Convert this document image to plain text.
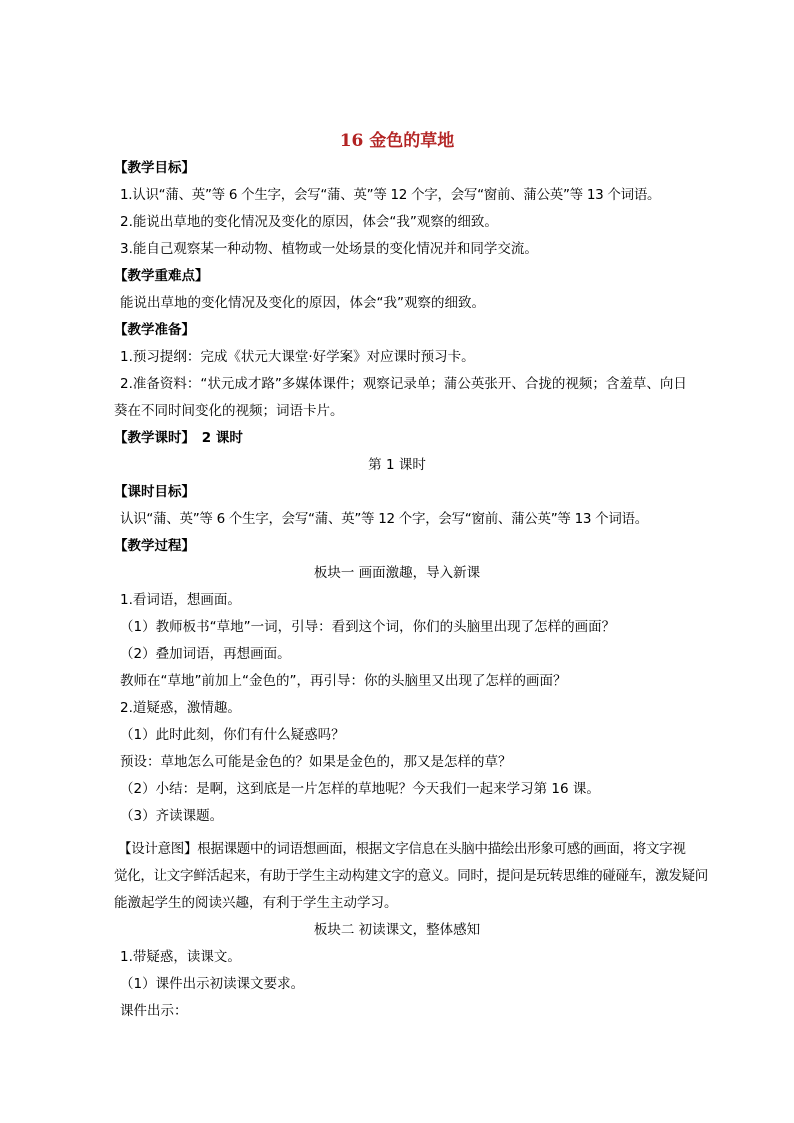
16 金色的草地
【教学目标】
1.认识“蒲、英”等 6 个生字，会写“蒲、英”等 12 个字，会写“窗前、蒲公英”等 13 个词语。
2.能说出草地的变化情况及变化的原因，体会“我”观察的细致。
3.能自己观察某一种动物、植物或一处场景的变化情况并和同学交流。
【教学重难点】
能说出草地的变化情况及变化的原因，体会“我”观察的细致。
【教学准备】
1.预习提纲：完成《状元大课堂·好学案》对应课时预习卡。
2.准备资料：“状元成才路”多媒体课件；观察记录单；蒲公英张开、合拢的视频；含羞草、向日
葵在不同时间变化的视频；词语卡片。
【教学课时】　2 课时
第 1 课时
【课时目标】
认识“蒲、英”等 6 个生字，会写“蒲、英”等 12 个字，会写“窗前、蒲公英”等 13 个词语。
【教学过程】
板块一 画面激趣，导入新课
1.看词语，想画面。
（1）教师板书“草地”一词，引导：看到这个词，你们的头脑里出现了怎样的画面？
（2）叠加词语，再想画面。
教师在“草地”前加上“金色的”，再引导：你的头脑里又出现了怎样的画面？
2.道疑惑，激情趣。
（1）此时此刻，你们有什么疑惑吗？
预设：草地怎么可能是金色的？如果是金色的，那又是怎样的草？
（2）小结：是啊，这到底是一片怎样的草地呢？今天我们一起来学习第 16 课。
（3）齐读课题。
【设计意图】根据课题中的词语想画面，根据文字信息在头脑中描绘出形象可感的画面，将文字视
觉化，让文字鲜活起来，有助于学生主动构建文字的意义。同时，提问是玩转思维的碰碰车，激发疑问
能激起学生的阅读兴趣，有利于学生主动学习。
板块二 初读课文，整体感知
1.带疑惑，读课文。
（1）课件出示初读课文要求。
课件出示：
